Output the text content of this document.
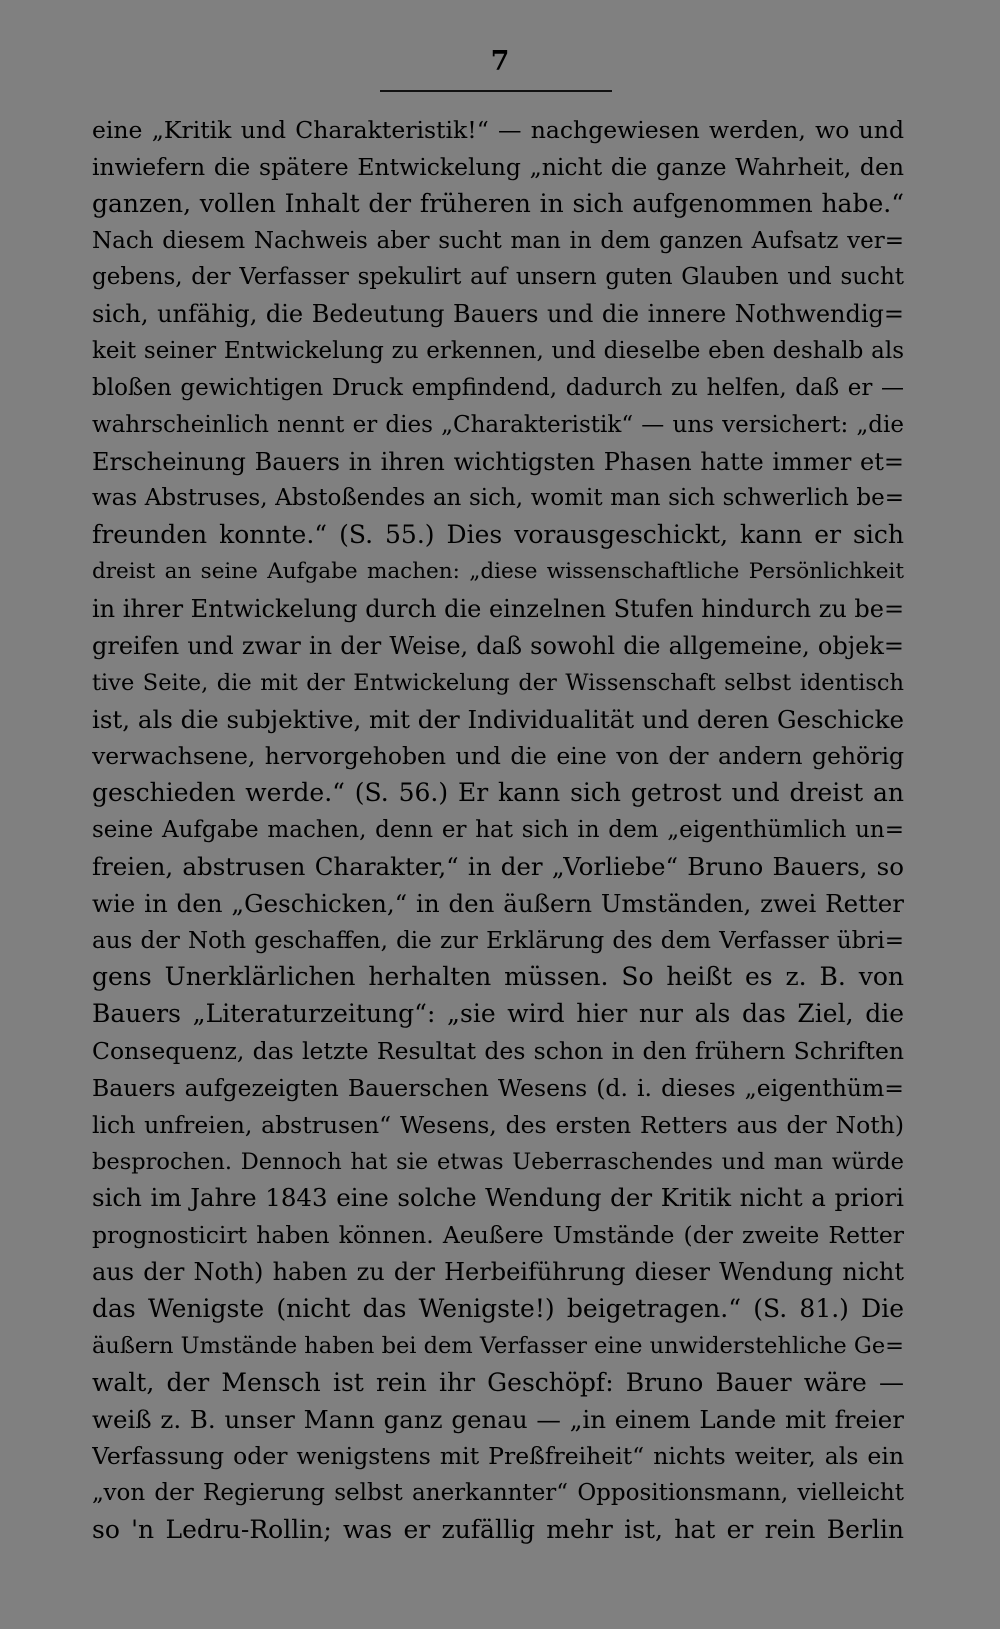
7
eine „Kritik und Charakteristik!“ — nachgewiesen werden, wo und
inwiefern die spätere Entwickelung „nicht die ganze Wahrheit, den
ganzen, vollen Inhalt der früheren in sich aufgenommen habe.“
Nach diesem Nachweis aber sucht man in dem ganzen Aufsatz ver=
gebens, der Verfasser spekulirt auf unsern guten Glauben und sucht
sich, unfähig, die Bedeutung Bauers und die innere Nothwendig=
keit seiner Entwickelung zu erkennen, und dieselbe eben deshalb als
bloßen gewichtigen Druck empfindend, dadurch zu helfen, daß er —
wahrscheinlich nennt er dies „Charakteristik“ — uns versichert: „die
Erscheinung Bauers in ihren wichtigsten Phasen hatte immer et=
was Abstruses, Abstoßendes an sich, womit man sich schwerlich be=
freunden konnte.“ (S. 55.) Dies vorausgeschickt, kann er sich
dreist an seine Aufgabe machen: „diese wissenschaftliche Persönlichkeit
in ihrer Entwickelung durch die einzelnen Stufen hindurch zu be=
greifen und zwar in der Weise, daß sowohl die allgemeine, objek=
tive Seite, die mit der Entwickelung der Wissenschaft selbst identisch
ist, als die subjektive, mit der Individualität und deren Geschicke
verwachsene, hervorgehoben und die eine von der andern gehörig
geschieden werde.“ (S. 56.) Er kann sich getrost und dreist an
seine Aufgabe machen, denn er hat sich in dem „eigenthümlich un=
freien, abstrusen Charakter,“ in der „Vorliebe“ Bruno Bauers, so
wie in den „Geschicken,“ in den äußern Umständen, zwei Retter
aus der Noth geschaffen, die zur Erklärung des dem Verfasser übri=
gens Unerklärlichen herhalten müssen. So heißt es z. B. von
Bauers „Literaturzeitung“: „sie wird hier nur als das Ziel, die
Consequenz, das letzte Resultat des schon in den frühern Schriften
Bauers aufgezeigten Bauerschen Wesens (d. i. dieses „eigenthüm=
lich unfreien, abstrusen“ Wesens, des ersten Retters aus der Noth)
besprochen. Dennoch hat sie etwas Ueberraschendes und man würde
sich im Jahre 1843 eine solche Wendung der Kritik nicht a priori
prognosticirt haben können. Aeußere Umstände (der zweite Retter
aus der Noth) haben zu der Herbeiführung dieser Wendung nicht
das Wenigste (nicht das Wenigste!) beigetragen.“ (S. 81.) Die
äußern Umstände haben bei dem Verfasser eine unwiderstehliche Ge=
walt, der Mensch ist rein ihr Geschöpf: Bruno Bauer wäre —
weiß z. B. unser Mann ganz genau — „in einem Lande mit freier
Verfassung oder wenigstens mit Preßfreiheit“ nichts weiter, als ein
„von der Regierung selbst anerkannter“ Oppositionsmann, vielleicht
so 'n Ledru-Rollin; was er zufällig mehr ist, hat er rein Berlin
